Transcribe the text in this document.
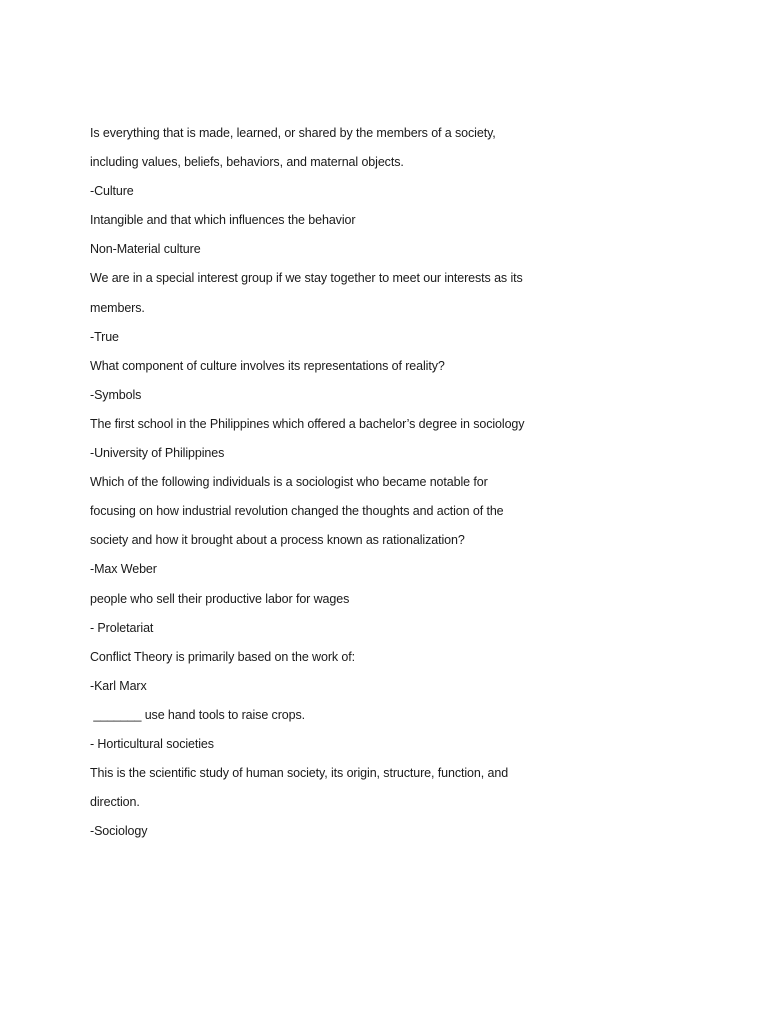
Is everything that is made, learned, or shared by the members of a society,
including values, beliefs, behaviors, and maternal objects.
-Culture
Intangible and that which influences the behavior
Non-Material culture
We are in a special interest group if we stay together to meet our interests as its
members.
-True
What component of culture involves its representations of reality?
-Symbols
The first school in the Philippines which offered a bachelor’s degree in sociology
-University of Philippines
Which of the following individuals is a sociologist who became notable for
focusing on how industrial revolution changed the thoughts and action of the
society and how it brought about a process known as rationalization?
-Max Weber
people who sell their productive labor for wages
- Proletariat
Conflict Theory is primarily based on the work of:
-Karl Marx
_______ use hand tools to raise crops.
- Horticultural societies
This is the scientific study of human society, its origin, structure, function, and
direction.
-Sociology
